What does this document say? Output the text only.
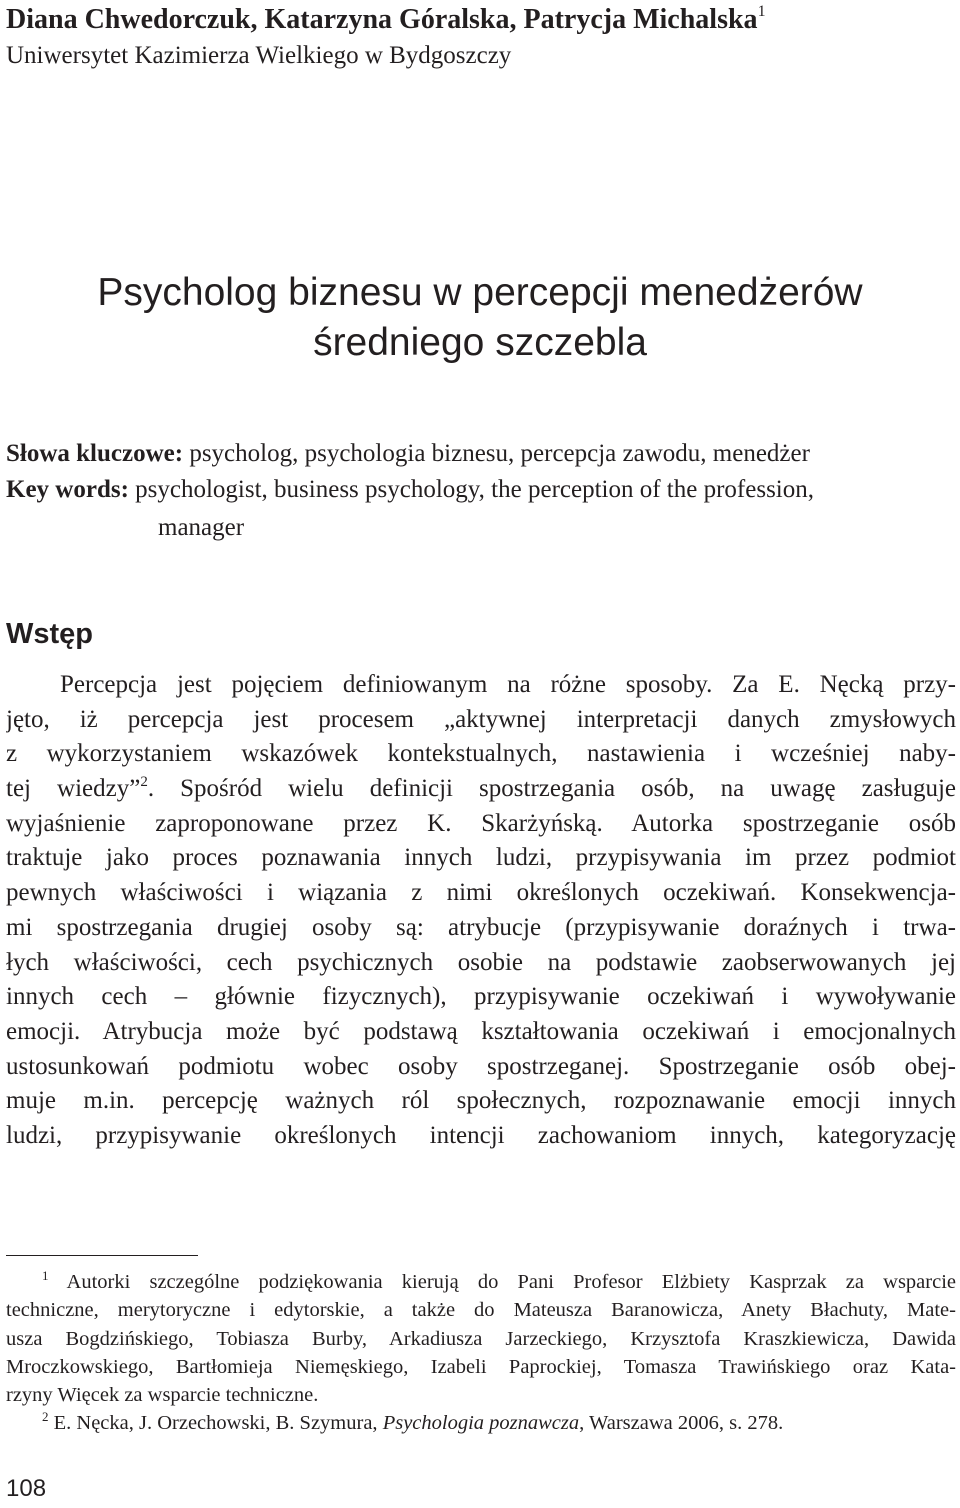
Diana Chwedorczuk, Katarzyna Góralska, Patrycja Michalska$^1$
Uniwersytet Kazimierza Wielkiego w Bydgoszczy
Psycholog biznesu w percepcji menedżerów
średniego szczebla
Słowa kluczowe: psycholog, psychologia biznesu, percepcja zawodu, menedżer
Key words: psychologist, business psychology, the perception of the profession,
manager
Wstęp
Percepcja jest pojęciem definiowanym na różne sposoby. Za E. Nęcką przy-
jęto, iż percepcja jest procesem „aktywnej interpretacji danych zmysłowych
z wykorzystaniem wskazówek kontekstualnych, nastawienia i wcześniej naby-
tej wiedzy”$^2$. Spośród wielu definicji spostrzegania osób, na uwagę zasługuje
wyjaśnienie zaproponowane przez K. Skarżyńską. Autorka spostrzeganie osób
traktuje jako proces poznawania innych ludzi, przypisywania im przez podmiot
pewnych właściwości i wiązania z nimi określonych oczekiwań. Konsekwencja-
mi spostrzegania drugiej osoby są: atrybucje (przypisywanie doraźnych i trwa-
łych właściwości, cech psychicznych osobie na podstawie zaobserwowanych jej
innych cech – głównie fizycznych), przypisywanie oczekiwań i wywoływanie
emocji. Atrybucja może być podstawą kształtowania oczekiwań i emocjonalnych
ustosunkowań podmiotu wobec osoby spostrzeganej. Spostrzeganie osób obej-
muje m.in. percepcję ważnych ról społecznych, rozpoznawanie emocji innych
ludzi, przypisywanie określonych intencji zachowaniom innych, kategoryzację
$^1$ Autorki szczególne podziękowania kierują do Pani Profesor Elżbiety Kasprzak za wsparcie
techniczne, merytoryczne i edytorskie, a także do Mateusza Baranowicza, Anety Błachuty, Mate-
usza Bogdzińskiego, Tobiasza Burby, Arkadiusza Jarzeckiego, Krzysztofa Kraszkiewicza, Dawida
Mroczkowskiego, Bartłomieja Niemęskiego, Izabeli Paprockiej, Tomasza Trawińskiego oraz Kata-
rzyny Więcek za wsparcie techniczne.
$^2$ E. Nęcka, J. Orzechowski, B. Szymura, Psychologia poznawcza, Warszawa 2006, s. 278.
108
